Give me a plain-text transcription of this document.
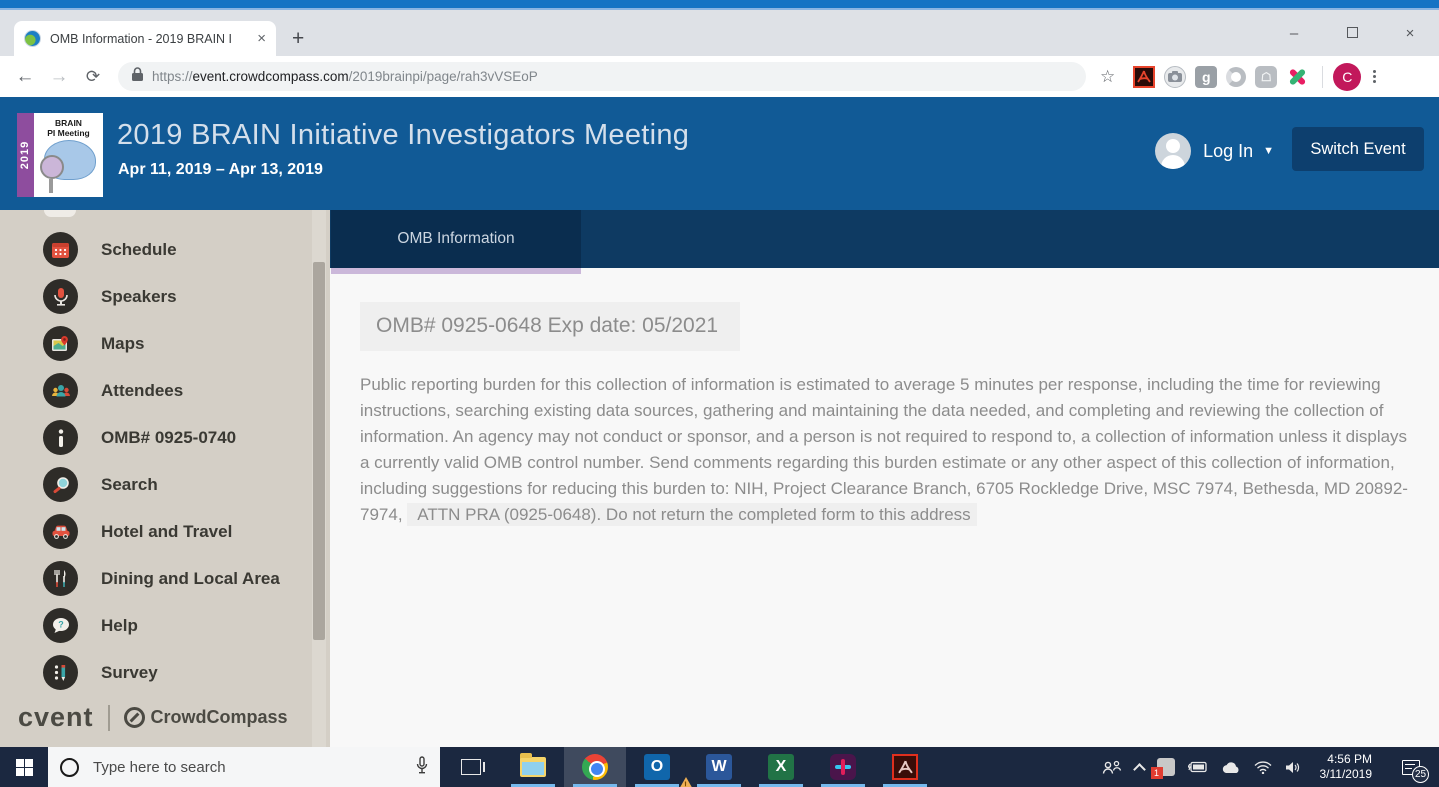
OMB Information - 2019 BRAIN I	× +	–	×
← →	⟳	https://event.crowdcompass.com/2019brainpi/page/rah3vVSEoP	☆	g	☖	C
2019
BRAIN
PI Meeting 2019 BRAIN Initiative Investigators Meeting
Apr 11, 2019 – Apr 13, 2019
Log In ▼	Switch Event
Schedule
Speakers
Maps
Attendees
OMB# 0925-0740
Search
Hotel and Travel
Dining and Local Area
? Help
Survey
cvent	CrowdCompass
OMB Information
OMB# 0925-0648 Exp date: 05/2021

Public reporting burden for this collection of information is estimated to average 5 minutes per response, including the time for reviewing instructions, searching existing data sources, gathering and maintaining the data needed, and completing and reviewing the collection of information. An agency may not conduct or sponsor, and a person is not required to respond to, a collection of information unless it displays a currently valid OMB control number. Send comments regarding this burden estimate or any other aspect of this collection of information, including suggestions for reducing this burden to: NIH, Project Clearance Branch, 6705 Rockledge Drive, MSC 7974, Bethesda, MD 20892-7974, ATTN PRA (0925-0648). Do not return the completed form to this address

Type here to search	O
!
W	X	1
4:56 PM
3/11/2019	25
